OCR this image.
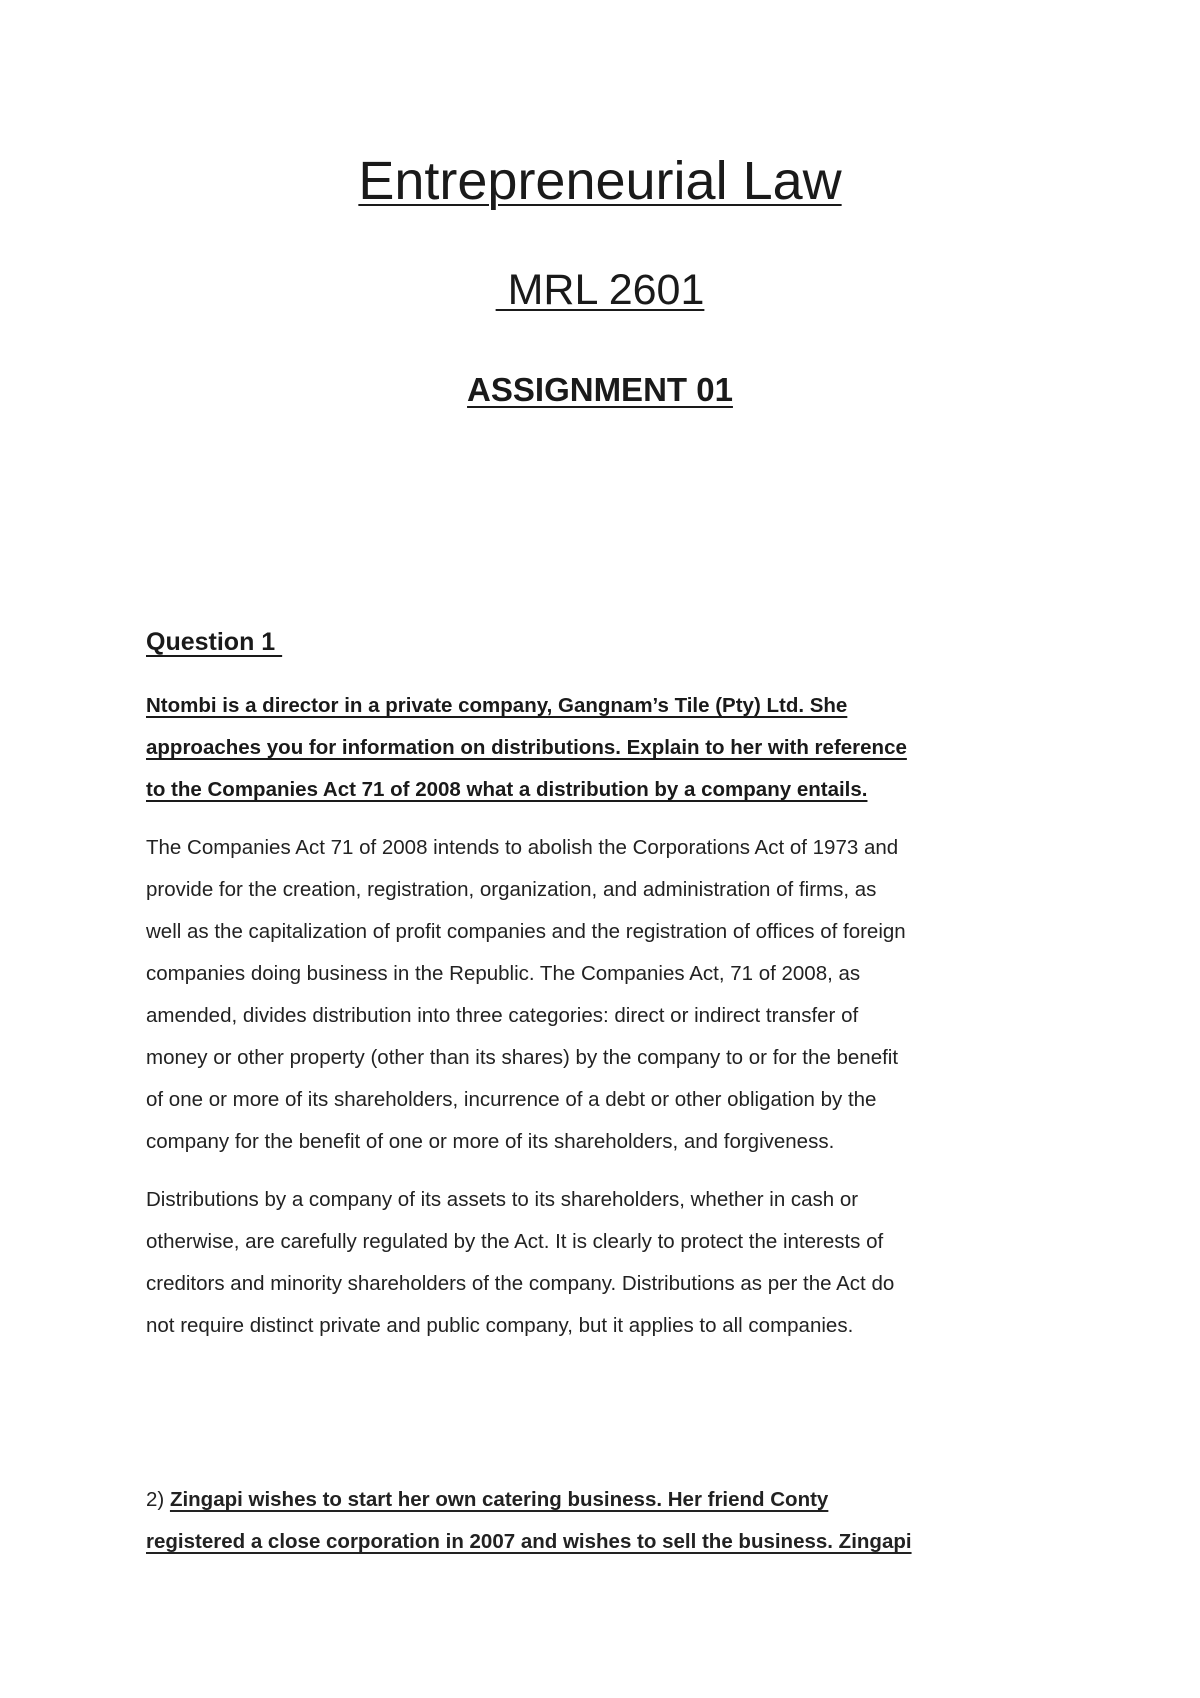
Entrepreneurial Law
MRL 2601
ASSIGNMENT 01
Question 1
Ntombi is a director in a private company, Gangnam’s Tile (Pty) Ltd. She
approaches you for information on distributions. Explain to her with reference
to the Companies Act 71 of 2008 what a distribution by a company entails.
The Companies Act 71 of 2008 intends to abolish the Corporations Act of 1973 and
provide for the creation, registration, organization, and administration of firms, as
well as the capitalization of profit companies and the registration of offices of foreign
companies doing business in the Republic. The Companies Act, 71 of 2008, as
amended, divides distribution into three categories: direct or indirect transfer of
money or other property (other than its shares) by the company to or for the benefit
of one or more of its shareholders, incurrence of a debt or other obligation by the
company for the benefit of one or more of its shareholders, and forgiveness.
Distributions by a company of its assets to its shareholders, whether in cash or
otherwise, are carefully regulated by the Act. It is clearly to protect the interests of
creditors and minority shareholders of the company. Distributions as per the Act do
not require distinct private and public company, but it applies to all companies.
2) Zingapi wishes to start her own catering business. Her friend Conty
registered a close corporation in 2007 and wishes to sell the business. Zingapi
